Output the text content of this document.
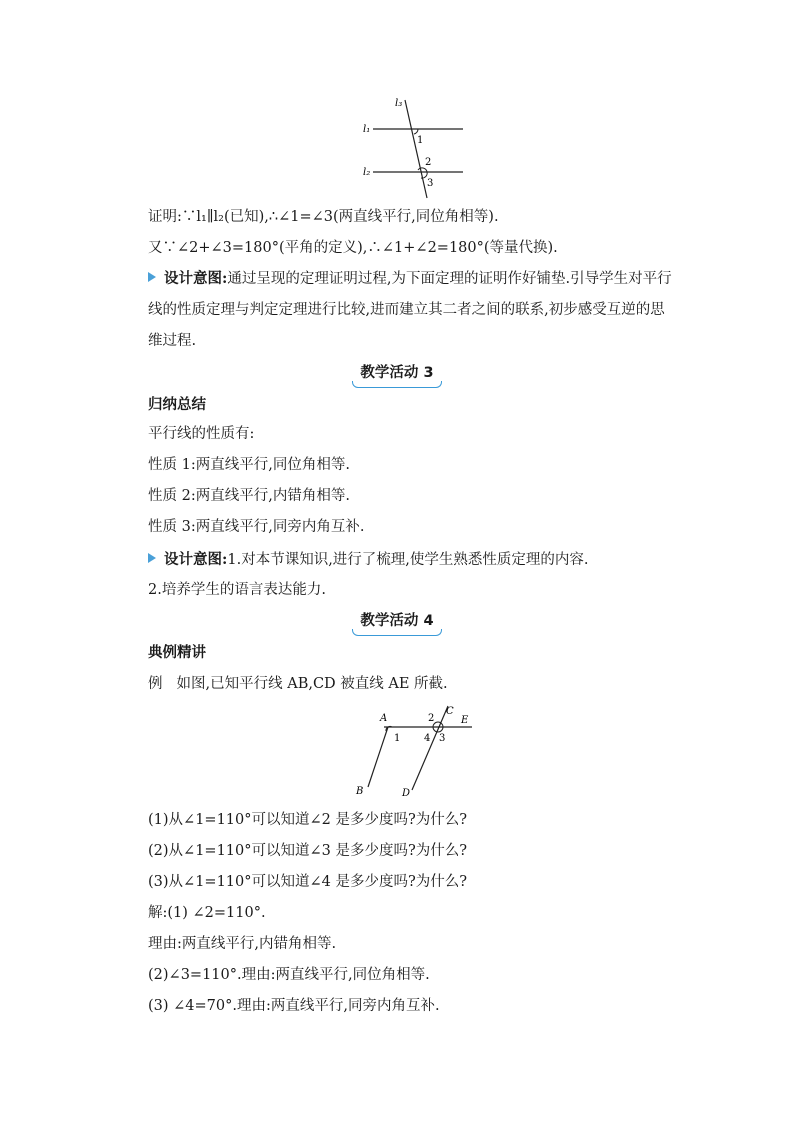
l₃
l₁
l₂
1
2
3
证明:∵l₁∥l₂(已知),∴∠1=∠3(两直线平行,同位角相等).
又∵∠2+∠3=180°(平角的定义),∴∠1+∠2=180°(等量代换).
设计意图:通过呈现的定理证明过程,为下面定理的证明作好铺垫.引导学生对平行线的性质定理与判定定理进行比较,进而建立其二者之间的联系,初步感受互逆的思维过程.
教学活动 3
归纳总结
平行线的性质有:
性质 1:两直线平行,同位角相等.
性质 2:两直线平行,内错角相等.
性质 3:两直线平行,同旁内角互补.
设计意图:1.对本节课知识,进行了梳理,使学生熟悉性质定理的内容.
2.培养学生的语言表达能力.
教学活动 4
典例精讲
例 如图,已知平行线 AB,CD 被直线 AE 所截.
A
1
2
C
E
4 3
B	D
(1)从∠1=110°可以知道∠2 是多少度吗?为什么?
(2)从∠1=110°可以知道∠3 是多少度吗?为什么?
(3)从∠1=110°可以知道∠4 是多少度吗?为什么?
解:(1) ∠2=110°.
理由:两直线平行,内错角相等.
(2)∠3=110°.理由:两直线平行,同位角相等.
(3) ∠4=70°.理由:两直线平行,同旁内角互补.
